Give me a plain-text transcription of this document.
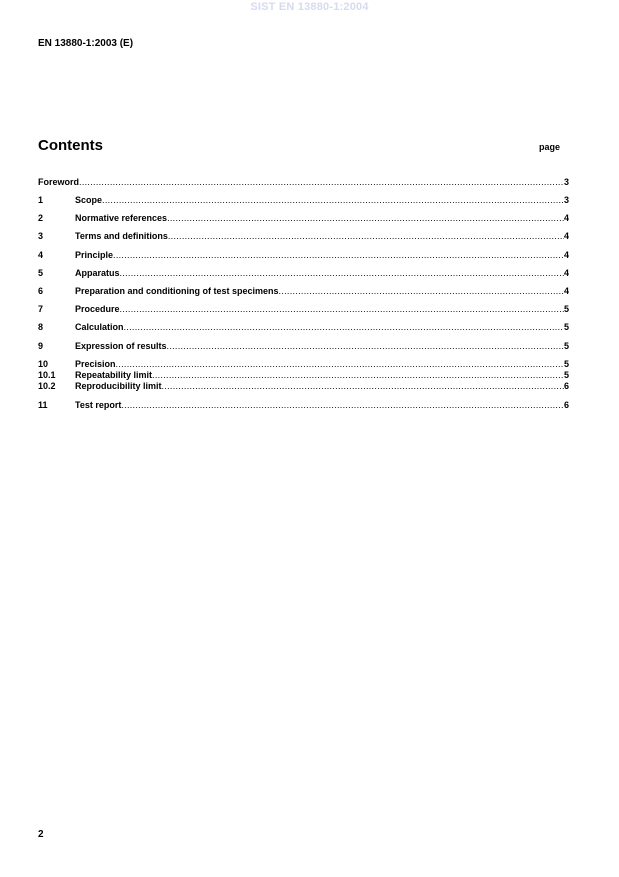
SIST EN 13880-1:2004
EN 13880-1:2003 (E)
Contents	page
Foreword .....	3
1	Scope .....	3
2	Normative references .....	4
3	Terms and definitions .....	4
4	Principle .....	4
5	Apparatus .....	4
6	Preparation and conditioning of test specimens .....	4
7	Procedure .....	5
8	Calculation .....	5
9	Expression of results .....	5
10	Precision .....	5
10.1 Repeatability limit .....	5
10.2 Reproducibility limit .....	6
11	Test report .....	6
2
